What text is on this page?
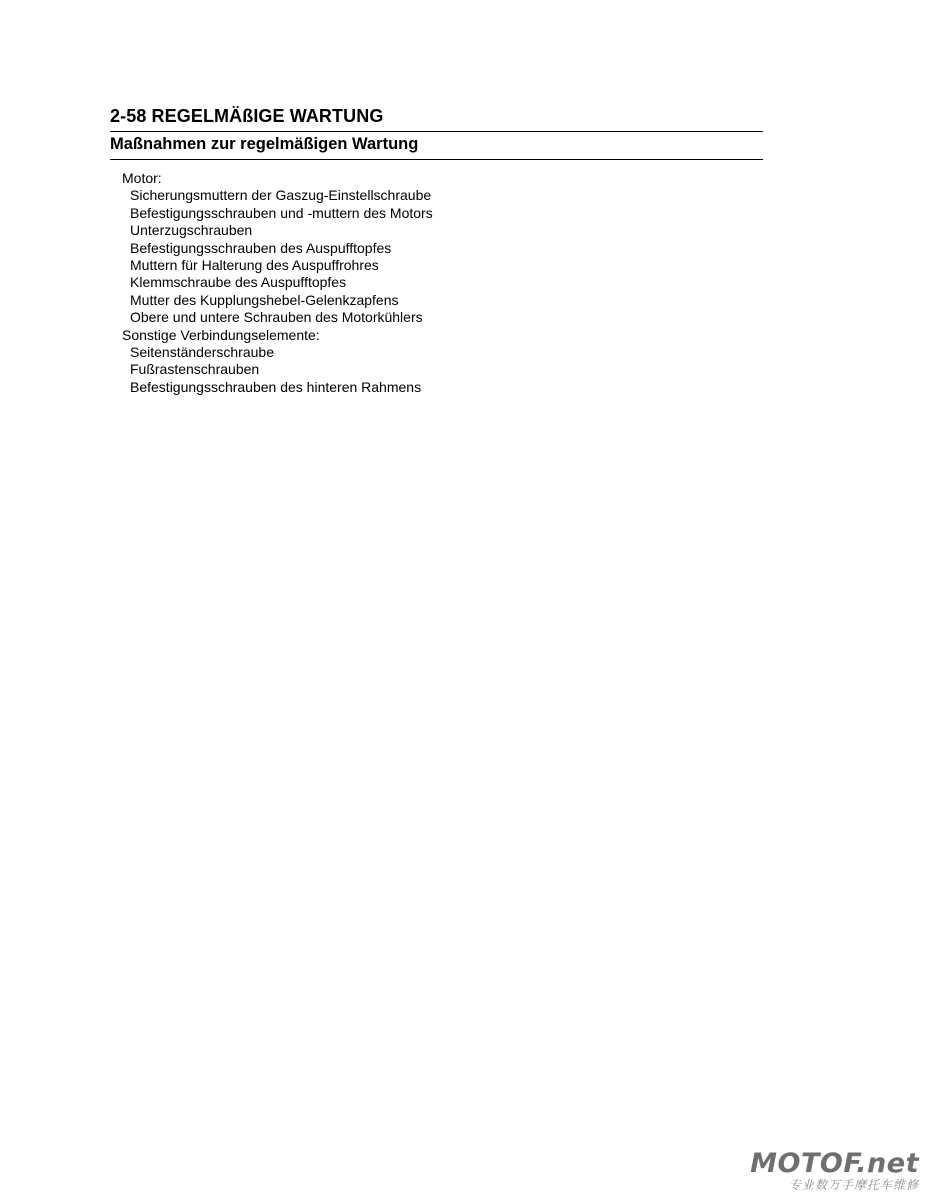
2-58 REGELMÄßIGE WARTUNG
Maßnahmen zur regelmäßigen Wartung
Motor:
Sicherungsmuttern der Gaszug-Einstellschraube
Befestigungsschrauben und -muttern des Motors
Unterzugschrauben
Befestigungsschrauben des Auspufftopfes
Muttern für Halterung des Auspuffrohres
Klemmschraube des Auspufftopfes
Mutter des Kupplungshebel-Gelenkzapfens
Obere und untere Schrauben des Motorkühlers
Sonstige Verbindungselemente:
Seitenständerschraube
Fußrastenschrauben
Befestigungsschrauben des hinteren Rahmens
MOTOF.net
专业数万手摩托车维修
